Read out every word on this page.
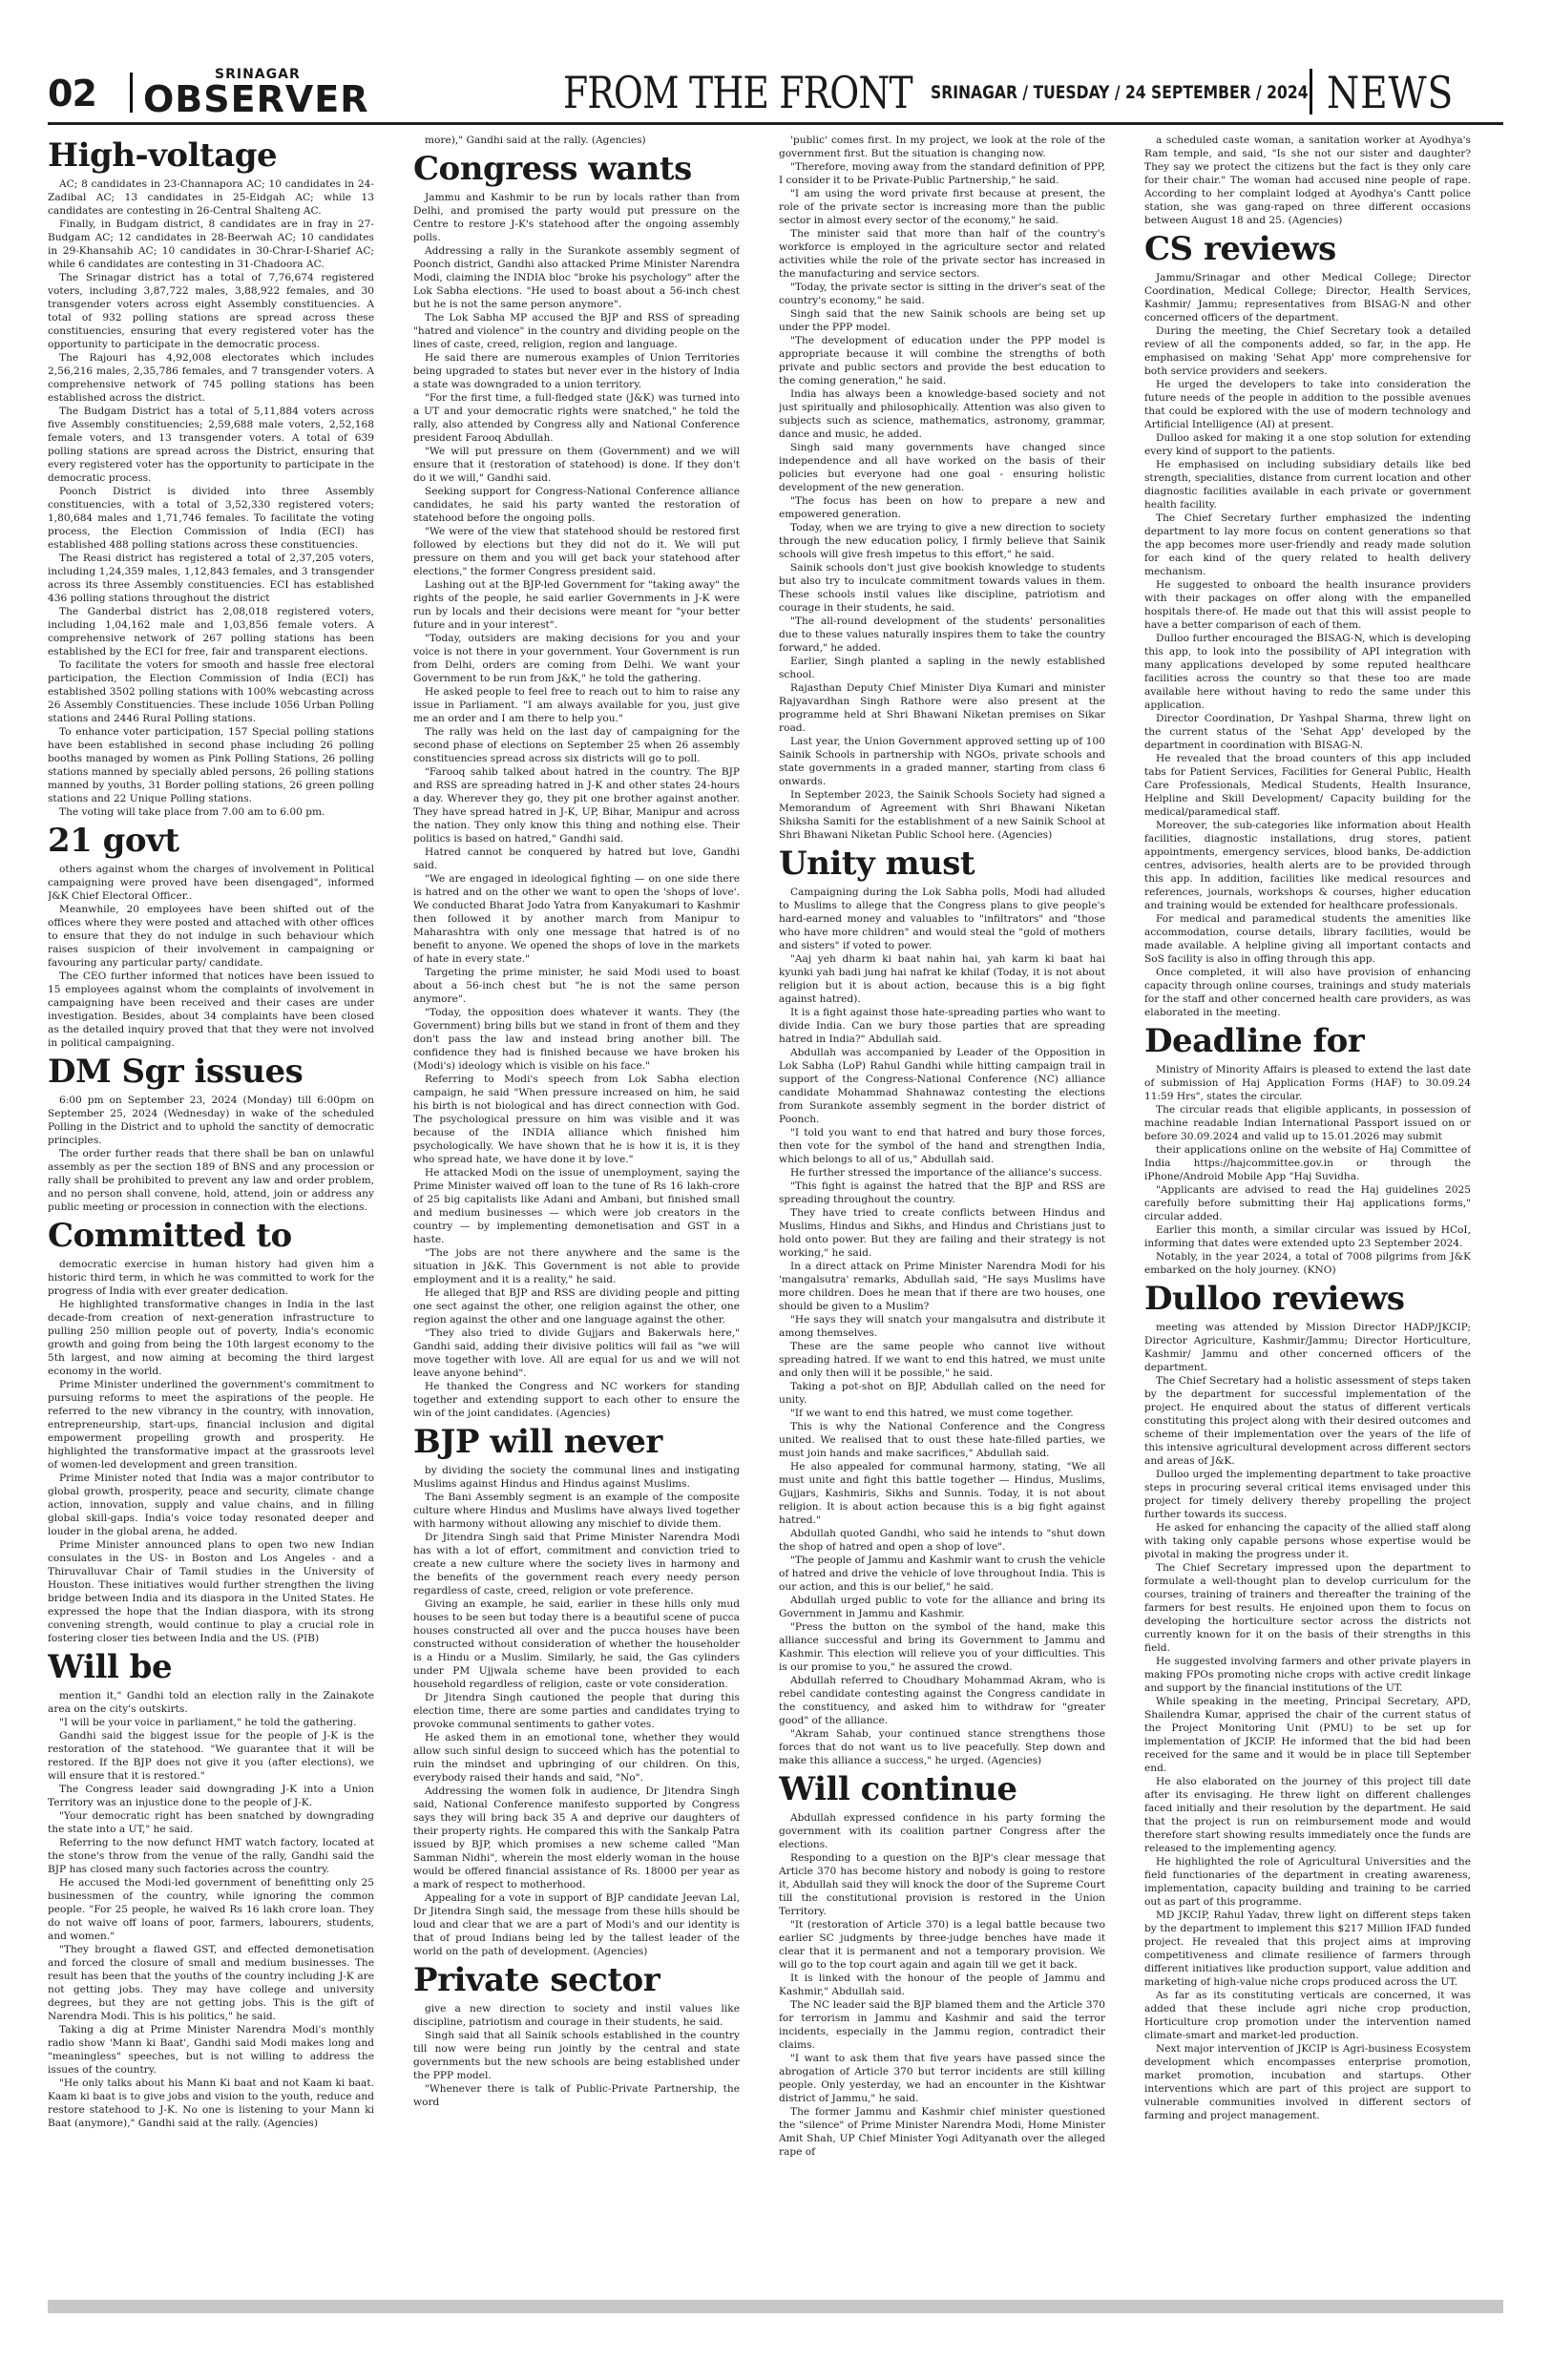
02	SRINAGAR
OBSERVER	FROM THE FRONT SRINAGAR / TUESDAY / 24 SEPTEMBER / 2024 NEWS
High-voltage

AC; 8 candidates in 23-Channapora AC; 10 candidates in 24-Zadibal AC; 13 candidates in 25-Eidgah AC; while 13 candidates are contesting in 26-Central Shalteng AC.

Finally, in Budgam district, 8 candidates are in fray in 27-Budgam AC; 12 candidates in 28-Beerwah AC; 10 candidates in 29-Khansahib AC; 10 candidates in 30-Chrar-I-Sharief AC; while 6 candidates are contesting in 31-Chadoora AC.

The Srinagar district has a total of 7,76,674 registered voters, including 3,87,722 males, 3,88,922 females, and 30 transgender voters across eight Assembly constituencies. A total of 932 polling stations are spread across these constituencies, ensuring that every registered voter has the opportunity to participate in the democratic process.

The Rajouri has 4,92,008 electorates which includes 2,56,216 males, 2,35,786 females, and 7 transgender voters. A comprehensive network of 745 polling stations has been established across the district.

The Budgam District has a total of 5,11,884 voters across five Assembly constituencies; 2,59,688 male voters, 2,52,168 female voters, and 13 transgender voters. A total of 639 polling stations are spread across the District, ensuring that every registered voter has the opportunity to participate in the democratic process.

Poonch District is divided into three Assembly constituencies, with a total of 3,52,330 registered voters; 1,80,684 males and 1,71,746 females. To facilitate the voting process, the Election Commission of India (ECI) has established 488 polling stations across these constituencies.

The Reasi district has registered a total of 2,37,205 voters, including 1,24,359 males, 1,12,843 females, and 3 transgender across its three Assembly constituencies. ECI has established 436 polling stations throughout the district

The Ganderbal district has 2,08,018 registered voters, including 1,04,162 male and 1,03,856 female voters. A comprehensive network of 267 polling stations has been established by the ECI for free, fair and transparent elections.

To facilitate the voters for smooth and hassle free electoral participation, the Election Commission of India (ECI) has established 3502 polling stations with 100% webcasting across 26 Assembly Constituencies. These include 1056 Urban Polling stations and 2446 Rural Polling stations.

To enhance voter participation, 157 Special polling stations have been established in second phase including 26 polling booths managed by women as Pink Polling Stations, 26 polling stations manned by specially abled persons, 26 polling stations manned by youths, 31 Border polling stations, 26 green polling stations and 22 Unique Polling stations.

The voting will take place from 7.00 am to 6.00 pm.

21 govt

others against whom the charges of involvement in Political campaigning were proved have been disengaged", informed J&K Chief Electoral Officer..

Meanwhile, 20 employees have been shifted out of the offices where they were posted and attached with other offices to ensure that they do not indulge in such behaviour which raises suspicion of their involvement in campaigning or favouring any particular party/ candidate.

The CEO further informed that notices have been issued to 15 employees against whom the complaints of involvement in campaigning have been received and their cases are under investigation. Besides, about 34 complaints have been closed as the detailed inquiry proved that that they were not involved in political campaigning.

DM Sgr issues

6:00 pm on September 23, 2024 (Monday) till 6:00pm on September 25, 2024 (Wednesday) in wake of the scheduled Polling in the District and to uphold the sanctity of democratic principles.

The order further reads that there shall be ban on unlawful assembly as per the section 189 of BNS and any procession or rally shall be prohibited to prevent any law and order problem, and no person shall convene, hold, attend, join or address any public meeting or procession in connection with the elections.

Committed to

democratic exercise in human history had given him a historic third term, in which he was committed to work for the progress of India with ever greater dedication.

He highlighted transformative changes in India in the last decade-from creation of next-generation infrastructure to pulling 250 million people out of poverty, India's economic growth and going from being the 10th largest economy to the 5th largest, and now aiming at becoming the third largest economy in the world.

Prime Minister underlined the government's commitment to pursuing reforms to meet the aspirations of the people. He referred to the new vibrancy in the country, with innovation, entrepreneurship, start-ups, financial inclusion and digital empowerment propelling growth and prosperity. He highlighted the transformative impact at the grassroots level of women-led development and green transition.

Prime Minister noted that India was a major contributor to global growth, prosperity, peace and security, climate change action, innovation, supply and value chains, and in filling global skill-gaps. India's voice today resonated deeper and louder in the global arena, he added.

Prime Minister announced plans to open two new Indian consulates in the US- in Boston and Los Angeles - and a Thiruvalluvar Chair of Tamil studies in the University of Houston. These initiatives would further strengthen the living bridge between India and its diaspora in the United States. He expressed the hope that the Indian diaspora, with its strong convening strength, would continue to play a crucial role in fostering closer ties between India and the US. (PIB)

Will be

mention it," Gandhi told an election rally in the Zainakote area on the city's outskirts.

"I will be your voice in parliament," he told the gathering.

Gandhi said the biggest issue for the people of J-K is the restoration of the statehood. "We guarantee that it will be restored. If the BJP does not give it you (after elections), we will ensure that it is restored."

The Congress leader said downgrading J-K into a Union Territory was an injustice done to the people of J-K.

"Your democratic right has been snatched by downgrading the state into a UT," he said.

Referring to the now defunct HMT watch factory, located at the stone's throw from the venue of the rally, Gandhi said the BJP has closed many such factories across the country.

He accused the Modi-led government of benefitting only 25 businessmen of the country, while ignoring the common people. "For 25 people, he waived Rs 16 lakh crore loan. They do not waive off loans of poor, farmers, labourers, students, and women."

"They brought a flawed GST, and effected demonetisation and forced the closure of small and medium businesses. The result has been that the youths of the country including J-K are not getting jobs. They may have college and university degrees, but they are not getting jobs. This is the gift of Narendra Modi. This is his politics," he said.

Taking a dig at Prime Minister Narendra Modi's monthly radio show 'Mann ki Baat', Gandhi said Modi makes long and "meaningless" speeches, but is not willing to address the issues of the country.

"He only talks about his Mann Ki baat and not Kaam ki baat. Kaam ki baat is to give jobs and vision to the youth, reduce and restore statehood to J-K. No one is listening to your Mann ki Baat (anymore)," Gandhi said at the rally. (Agencies)

more)," Gandhi said at the rally. (Agencies)

Congress wants

Jammu and Kashmir to be run by locals rather than from Delhi, and promised the party would put pressure on the Centre to restore J-K's statehood after the ongoing assembly polls.

Addressing a rally in the Surankote assembly segment of Poonch district, Gandhi also attacked Prime Minister Narendra Modi, claiming the INDIA bloc "broke his psychology" after the Lok Sabha elections. "He used to boast about a 56-inch chest but he is not the same person anymore".

The Lok Sabha MP accused the BJP and RSS of spreading "hatred and violence" in the country and dividing people on the lines of caste, creed, religion, region and language.

He said there are numerous examples of Union Territories being upgraded to states but never ever in the history of India a state was downgraded to a union territory.

"For the first time, a full-fledged state (J&K) was turned into a UT and your democratic rights were snatched," he told the rally, also attended by Congress ally and National Conference president Farooq Abdullah.

"We will put pressure on them (Government) and we will ensure that it (restoration of statehood) is done. If they don't do it we will," Gandhi said.

Seeking support for Congress-National Conference alliance candidates, he said his party wanted the restoration of statehood before the ongoing polls.

"We were of the view that statehood should be restored first followed by elections but they did not do it. We will put pressure on them and you will get back your statehood after elections," the former Congress president said.

Lashing out at the BJP-led Government for "taking away" the rights of the people, he said earlier Governments in J-K were run by locals and their decisions were meant for "your better future and in your interest".

"Today, outsiders are making decisions for you and your voice is not there in your government. Your Government is run from Delhi, orders are coming from Delhi. We want your Government to be run from J&K," he told the gathering.

He asked people to feel free to reach out to him to raise any issue in Parliament. "I am always available for you, just give me an order and I am there to help you."

The rally was held on the last day of campaigning for the second phase of elections on September 25 when 26 assembly constituencies spread across six districts will go to poll.

"Farooq sahib talked about hatred in the country. The BJP and RSS are spreading hatred in J-K and other states 24-hours a day. Wherever they go, they pit one brother against another. They have spread hatred in J-K, UP, Bihar, Manipur and across the nation. They only know this thing and nothing else. Their politics is based on hatred," Gandhi said.

Hatred cannot be conquered by hatred but love, Gandhi said.

"We are engaged in ideological fighting — on one side there is hatred and on the other we want to open the 'shops of love'. We conducted Bharat Jodo Yatra from Kanyakumari to Kashmir then followed it by another march from Manipur to Maharashtra with only one message that hatred is of no benefit to anyone. We opened the shops of love in the markets of hate in every state."

Targeting the prime minister, he said Modi used to boast about a 56-inch chest but "he is not the same person anymore".

"Today, the opposition does whatever it wants. They (the Government) bring bills but we stand in front of them and they don't pass the law and instead bring another bill. The confidence they had is finished because we have broken his (Modi's) ideology which is visible on his face."

Referring to Modi's speech from Lok Sabha election campaign, he said "When pressure increased on him, he said his birth is not biological and has direct connection with God. The psychological pressure on him was visible and it was because of the INDIA alliance which finished him psychologically. We have shown that he is how it is, it is they who spread hate, we have done it by love."

He attacked Modi on the issue of unemployment, saying the Prime Minister waived off loan to the tune of Rs 16 lakh-crore of 25 big capitalists like Adani and Ambani, but finished small and medium businesses — which were job creators in the country — by implementing demonetisation and GST in a haste.

"The jobs are not there anywhere and the same is the situation in J&K. This Government is not able to provide employment and it is a reality," he said.

He alleged that BJP and RSS are dividing people and pitting one sect against the other, one religion against the other, one region against the other and one language against the other.

"They also tried to divide Gujjars and Bakerwals here," Gandhi said, adding their divisive politics will fail as "we will move together with love. All are equal for us and we will not leave anyone behind".

He thanked the Congress and NC workers for standing together and extending support to each other to ensure the win of the joint candidates. (Agencies)

BJP will never

by dividing the society the communal lines and instigating Muslims against Hindus and Hindus against Muslims.

The Bani Assembly segment is an example of the composite culture where Hindus and Muslims have always lived together with harmony without allowing any mischief to divide them.

Dr Jitendra Singh said that Prime Minister Narendra Modi has with a lot of effort, commitment and conviction tried to create a new culture where the society lives in harmony and the benefits of the government reach every needy person regardless of caste, creed, religion or vote preference.

Giving an example, he said, earlier in these hills only mud houses to be seen but today there is a beautiful scene of pucca houses constructed all over and the pucca houses have been constructed without consideration of whether the householder is a Hindu or a Muslim. Similarly, he said, the Gas cylinders under PM Ujjwala scheme have been provided to each household regardless of religion, caste or vote consideration.

Dr Jitendra Singh cautioned the people that during this election time, there are some parties and candidates trying to provoke communal sentiments to gather votes.

He asked them in an emotional tone, whether they would allow such sinful design to succeed which has the potential to ruin the mindset and upbringing of our children. On this, everybody raised their hands and said, "No".

Addressing the women folk in audience, Dr Jitendra Singh said, National Conference manifesto supported by Congress says they will bring back 35 A and deprive our daughters of their property rights. He compared this with the Sankalp Patra issued by BJP, which promises a new scheme called "Man Samman Nidhi", wherein the most elderly woman in the house would be offered financial assistance of Rs. 18000 per year as a mark of respect to motherhood.

Appealing for a vote in support of BJP candidate Jeevan Lal, Dr Jitendra Singh said, the message from these hills should be loud and clear that we are a part of Modi's and our identity is that of proud Indians being led by the tallest leader of the world on the path of development. (Agencies)

Private sector

give a new direction to society and instil values like discipline, patriotism and courage in their students, he said.

Singh said that all Sainik schools established in the country till now were being run jointly by the central and state governments but the new schools are being established under the PPP model.

"Whenever there is talk of Public-Private Partnership, the word

'public' comes first. In my project, we look at the role of the government first. But the situation is changing now.

"Therefore, moving away from the standard definition of PPP, I consider it to be Private-Public Partnership," he said.

"I am using the word private first because at present, the role of the private sector is increasing more than the public sector in almost every sector of the economy," he said.

The minister said that more than half of the country's workforce is employed in the agriculture sector and related activities while the role of the private sector has increased in the manufacturing and service sectors.

"Today, the private sector is sitting in the driver's seat of the country's economy," he said.

Singh said that the new Sainik schools are being set up under the PPP model.

"The development of education under the PPP model is appropriate because it will combine the strengths of both private and public sectors and provide the best education to the coming generation," he said.

India has always been a knowledge-based society and not just spiritually and philosophically. Attention was also given to subjects such as science, mathematics, astronomy, grammar, dance and music, he added.

Singh said many governments have changed since independence and all have worked on the basis of their policies but everyone had one goal - ensuring holistic development of the new generation.

"The focus has been on how to prepare a new and empowered generation.

Today, when we are trying to give a new direction to society through the new education policy, I firmly believe that Sainik schools will give fresh impetus to this effort," he said.

Sainik schools don't just give bookish knowledge to students but also try to inculcate commitment towards values in them. These schools instil values like discipline, patriotism and courage in their students, he said.

"The all-round development of the students' personalities due to these values naturally inspires them to take the country forward," he added.

Earlier, Singh planted a sapling in the newly established school.

Rajasthan Deputy Chief Minister Diya Kumari and minister Rajyavardhan Singh Rathore were also present at the programme held at Shri Bhawani Niketan premises on Sikar road.

Last year, the Union Government approved setting up of 100 Sainik Schools in partnership with NGOs, private schools and state governments in a graded manner, starting from class 6 onwards.

In September 2023, the Sainik Schools Society had signed a Memorandum of Agreement with Shri Bhawani Niketan Shiksha Samiti for the establishment of a new Sainik School at Shri Bhawani Niketan Public School here. (Agencies)

Unity must

Campaigning during the Lok Sabha polls, Modi had alluded to Muslims to allege that the Congress plans to give people's hard-earned money and valuables to "infiltrators" and "those who have more children" and would steal the "gold of mothers and sisters" if voted to power.

"Aaj yeh dharm ki baat nahin hai, yah karm ki baat hai kyunki yah badi jung hai nafrat ke khilaf (Today, it is not about religion but it is about action, because this is a big fight against hatred).

It is a fight against those hate-spreading parties who want to divide India. Can we bury those parties that are spreading hatred in India?" Abdullah said.

Abdullah was accompanied by Leader of the Opposition in Lok Sabha (LoP) Rahul Gandhi while hitting campaign trail in support of the Congress-National Conference (NC) alliance candidate Mohammad Shahnawaz contesting the elections from Surankote assembly segment in the border district of Poonch.

"I told you want to end that hatred and bury those forces, then vote for the symbol of the hand and strengthen India, which belongs to all of us," Abdullah said.

He further stressed the importance of the alliance's success.

"This fight is against the hatred that the BJP and RSS are spreading throughout the country.

They have tried to create conflicts between Hindus and Muslims, Hindus and Sikhs, and Hindus and Christians just to hold onto power. But they are failing and their strategy is not working," he said.

In a direct attack on Prime Minister Narendra Modi for his 'mangalsutra' remarks, Abdullah said, "He says Muslims have more children. Does he mean that if there are two houses, one should be given to a Muslim?

"He says they will snatch your mangalsutra and distribute it among themselves.

These are the same people who cannot live without spreading hatred. If we want to end this hatred, we must unite and only then will it be possible," he said.

Taking a pot-shot on BJP, Abdullah called on the need for unity.

"If we want to end this hatred, we must come together.

This is why the National Conference and the Congress united. We realised that to oust these hate-filled parties, we must join hands and make sacrifices," Abdullah said.

He also appealed for communal harmony, stating, "We all must unite and fight this battle together — Hindus, Muslims, Gujjars, Kashmiris, Sikhs and Sunnis. Today, it is not about religion. It is about action because this is a big fight against hatred."

Abdullah quoted Gandhi, who said he intends to "shut down the shop of hatred and open a shop of love".

"The people of Jammu and Kashmir want to crush the vehicle of hatred and drive the vehicle of love throughout India. This is our action, and this is our belief," he said.

Abdullah urged public to vote for the alliance and bring its Government in Jammu and Kashmir.

"Press the button on the symbol of the hand, make this alliance successful and bring its Government to Jammu and Kashmir. This election will relieve you of your difficulties. This is our promise to you," he assured the crowd.

Abdullah referred to Choudhary Mohammad Akram, who is rebel candidate contesting against the Congress candidate in the constituency, and asked him to withdraw for "greater good" of the alliance.

"Akram Sahab, your continued stance strengthens those forces that do not want us to live peacefully. Step down and make this alliance a success," he urged. (Agencies)

Will continue

Abdullah expressed confidence in his party forming the government with its coalition partner Congress after the elections.

Responding to a question on the BJP's clear message that Article 370 has become history and nobody is going to restore it, Abdullah said they will knock the door of the Supreme Court till the constitutional provision is restored in the Union Territory.

"It (restoration of Article 370) is a legal battle because two earlier SC judgments by three-judge benches have made it clear that it is permanent and not a temporary provision. We will go to the top court again and again till we get it back.

It is linked with the honour of the people of Jammu and Kashmir," Abdullah said.

The NC leader said the BJP blamed them and the Article 370 for terrorism in Jammu and Kashmir and said the terror incidents, especially in the Jammu region, contradict their claims.

"I want to ask them that five years have passed since the abrogation of Article 370 but terror incidents are still killing people. Only yesterday, we had an encounter in the Kishtwar district of Jammu," he said.

The former Jammu and Kashmir chief minister questioned the "silence" of Prime Minister Narendra Modi, Home Minister Amit Shah, UP Chief Minister Yogi Adityanath over the alleged rape of

a scheduled caste woman, a sanitation worker at Ayodhya's Ram temple, and said, "Is she not our sister and daughter? They say we protect the citizens but the fact is they only care for their chair." The woman had accused nine people of rape. According to her complaint lodged at Ayodhya's Cantt police station, she was gang-raped on three different occasions between August 18 and 25. (Agencies)

CS reviews

Jammu/Srinagar and other Medical College; Director Coordination, Medical College; Director, Health Services, Kashmir/ Jammu; representatives from BISAG-N and other concerned officers of the department.

During the meeting, the Chief Secretary took a detailed review of all the components added, so far, in the app. He emphasised on making 'Sehat App' more comprehensive for both service providers and seekers.

He urged the developers to take into consideration the future needs of the people in addition to the possible avenues that could be explored with the use of modern technology and Artificial Intelligence (AI) at present.

Dulloo asked for making it a one stop solution for extending every kind of support to the patients.

He emphasised on including subsidiary details like bed strength, specialities, distance from current location and other diagnostic facilities available in each private or government health facility.

The Chief Secretary further emphasized the indenting department to lay more focus on content generations so that the app becomes more user-friendly and ready made solution for each kind of the query related to health delivery mechanism.

He suggested to onboard the health insurance providers with their packages on offer along with the empanelled hospitals there-of. He made out that this will assist people to have a better comparison of each of them.

Dulloo further encouraged the BISAG-N, which is developing this app, to look into the possibility of API integration with many applications developed by some reputed healthcare facilities across the country so that these too are made available here without having to redo the same under this application.

Director Coordination, Dr Yashpal Sharma, threw light on the current status of the 'Sehat App' developed by the department in coordination with BISAG-N.

He revealed that the broad counters of this app included tabs for Patient Services, Facilities for General Public, Health Care Professionals, Medical Students, Health Insurance, Helpline and Skill Development/ Capacity building for the medical/paramedical staff.

Moreover, the sub-categories like information about Health facilities, diagnostic installations, drug stores, patient appointments, emergency services, blood banks, De-addiction centres, advisories, health alerts are to be provided through this app. In addition, facilities like medical resources and references, journals, workshops & courses, higher education and training would be extended for healthcare professionals.

For medical and paramedical students the amenities like accommodation, course details, library facilities, would be made available. A helpline giving all important contacts and SoS facility is also in offing through this app.

Once completed, it will also have provision of enhancing capacity through online courses, trainings and study materials for the staff and other concerned health care providers, as was elaborated in the meeting.

Deadline for

Ministry of Minority Affairs is pleased to extend the last date of submission of Haj Application Forms (HAF) to 30.09.24 11:59 Hrs", states the circular.

The circular reads that eligible applicants, in possession of machine readable Indian International Passport issued on or before 30.09.2024 and valid up to 15.01.2026 may submit

their applications online on the website of Haj Committee of India https://hajcommittee.gov.in or through the iPhone/Android Mobile App "Haj Suvidha.

"Applicants are advised to read the Haj guidelines 2025 carefully before submitting their Haj applications forms," circular added.

Earlier this month, a similar circular was issued by HCoI, informing that dates were extended upto 23 September 2024.

Notably, in the year 2024, a total of 7008 pilgrims from J&K embarked on the holy journey. (KNO)

Dulloo reviews

meeting was attended by Mission Director HADP/JKCIP; Director Agriculture, Kashmir/Jammu; Director Horticulture, Kashmir/ Jammu and other concerned officers of the department.

The Chief Secretary had a holistic assessment of steps taken by the department for successful implementation of the project. He enquired about the status of different verticals constituting this project along with their desired outcomes and scheme of their implementation over the years of the life of this intensive agricultural development across different sectors and areas of J&K.

Dulloo urged the implementing department to take proactive steps in procuring several critical items envisaged under this project for timely delivery thereby propelling the project further towards its success.

He asked for enhancing the capacity of the allied staff along with taking only capable persons whose expertise would be pivotal in making the progress under it.

The Chief Secretary impressed upon the department to formulate a well-thought plan to develop curriculum for the courses, training of trainers and thereafter the training of the farmers for best results. He enjoined upon them to focus on developing the horticulture sector across the districts not currently known for it on the basis of their strengths in this field.

He suggested involving farmers and other private players in making FPOs promoting niche crops with active credit linkage and support by the financial institutions of the UT.

While speaking in the meeting, Principal Secretary, APD, Shailendra Kumar, apprised the chair of the current status of the Project Monitoring Unit (PMU) to be set up for implementation of JKCIP. He informed that the bid had been received for the same and it would be in place till September end.

He also elaborated on the journey of this project till date after its envisaging. He threw light on different challenges faced initially and their resolution by the department. He said that the project is run on reimbursement mode and would therefore start showing results immediately once the funds are released to the implementing agency.

He highlighted the role of Agricultural Universities and the field functionaries of the department in creating awareness, implementation, capacity building and training to be carried out as part of this programme.

MD JKCIP, Rahul Yadav, threw light on different steps taken by the department to implement this $217 Million IFAD funded project. He revealed that this project aims at improving competitiveness and climate resilience of farmers through different initiatives like production support, value addition and marketing of high-value niche crops produced across the UT.

As far as its constituting verticals are concerned, it was added that these include agri niche crop production, Horticulture crop promotion under the intervention named climate-smart and market-led production.

Next major intervention of JKCIP is Agri-business Ecosystem development which encompasses enterprise promotion, market promotion, incubation and startups. Other interventions which are part of this project are support to vulnerable communities involved in different sectors of farming and project management.
